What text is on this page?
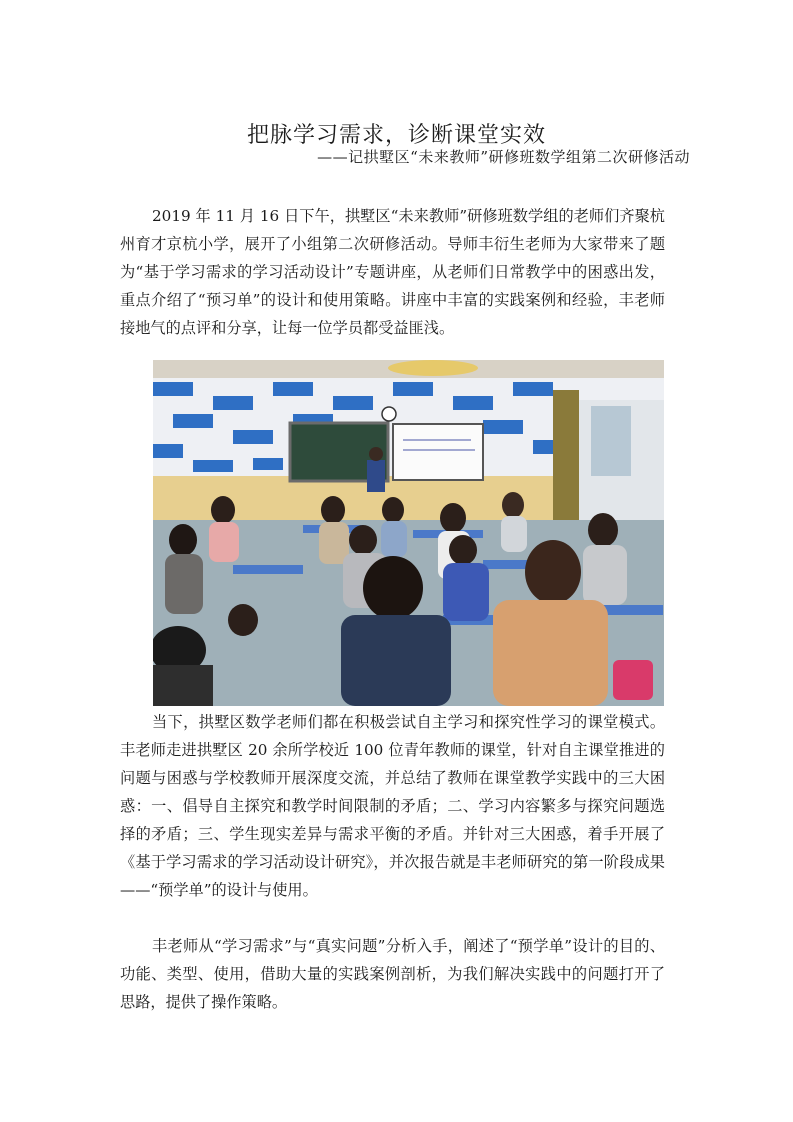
把脉学习需求，诊断课堂实效
——记拱墅区“未来教师”研修班数学组第二次研修活动

2019 年 11 月 16 日下午，拱墅区“未来教师”研修班数学组的老师们齐聚杭州育才京杭小学，展开了小组第二次研修活动。导师丰衍生老师为大家带来了题为“基于学习需求的学习活动设计”专题讲座，从老师们日常教学中的困惑出发，重点介绍了“预习单”的设计和使用策略。讲座中丰富的实践案例和经验，丰老师接地气的点评和分享，让每一位学员都受益匪浅。

当下，拱墅区数学老师们都在积极尝试自主学习和探究性学习的课堂模式。丰老师走进拱墅区 20 余所学校近 100 位青年教师的课堂，针对自主课堂推进的问题与困惑与学校教师开展深度交流，并总结了教师在课堂教学实践中的三大困惑：一、倡导自主探究和教学时间限制的矛盾；二、学习内容繁多与探究问题选择的矛盾；三、学生现实差异与需求平衡的矛盾。并针对三大困惑，着手开展了《基于学习需求的学习活动设计研究》，并次报告就是丰老师研究的第一阶段成果——“预学单”的设计与使用。

丰老师从“学习需求”与“真实问题”分析入手，阐述了“预学单”设计的目的、功能、类型、使用，借助大量的实践案例剖析，为我们解决实践中的问题打开了思路，提供了操作策略。
